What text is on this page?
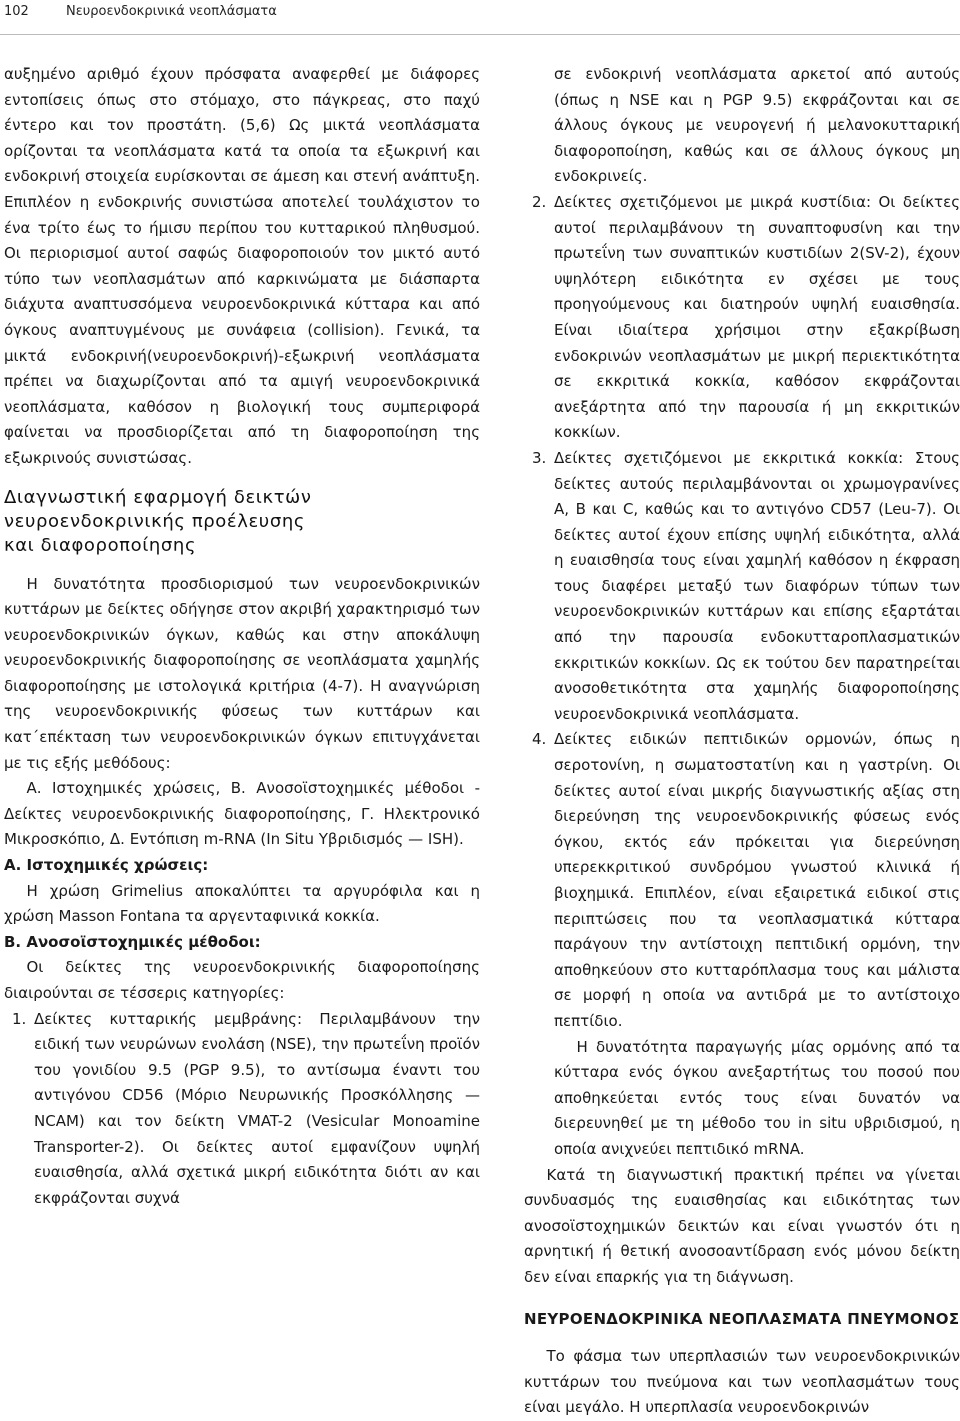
102	Νευροενδοκρινικά νεοπλάσματα

αυξημένο αριθμό έχουν πρόσφατα αναφερθεί με διάφορες εντοπίσεις όπως στο στόμαχο, στο πάγκρεας, στο παχύ έντερο και τον προστάτη. (5,6) Ως μικτά νεοπλάσματα ορίζονται τα νεοπλάσματα κατά τα οποία τα εξωκρινή και ενδοκρινή στοιχεία ευρίσκονται σε άμεση και στενή ανάπτυξη. Επιπλέον η ενδοκρινής συνιστώσα αποτελεί τουλάχιστον το ένα τρίτο έως το ήμισυ περίπου του κυτταρικού πληθυσμού. Οι περιορισμοί αυτοί σαφώς διαφοροποιούν τον μικτό αυτό τύπο των νεοπλασμάτων από καρκινώματα με διάσπαρτα διάχυτα αναπτυσσόμενα νευροενδοκρινικά κύτταρα και από όγκους αναπτυγμένους με συνάφεια (collision). Γενικά, τα μικτά ενδοκρινή(νευροενδοκρινή)-εξωκρινή νεοπλάσματα πρέπει να διαχωρίζονται από τα αμιγή νευροενδοκρινικά νεοπλάσματα, καθόσον η βιολογική τους συμπεριφορά φαίνεται να προσδιορίζεται από τη διαφοροποίηση της εξωκρινούς συνιστώσας.

Διαγνωστική εφαρμογή δεικτών
νευροενδοκρινικής προέλευσης
και διαφοροποίησης

Η δυνατότητα προσδιορισμού των νευροενδοκρινικών κυττάρων με δείκτες οδήγησε στον ακριβή χαρακτηρισμό των νευροενδοκρινικών όγκων, καθώς και στην αποκάλυψη νευροενδοκρινικής διαφοροποίησης σε νεοπλάσματα χαμηλής διαφοροποίησης με ιστολογικά κριτήρια (4-7). Η αναγνώριση της νευροενδοκρινικής φύσεως των κυττάρων και κατ΄επέκταση των νευροενδοκρινικών όγκων επιτυγχάνεται με τις εξής μεθόδους:

Α. Ιστοχημικές χρώσεις, Β. Ανοσοϊστοχημικές μέθοδοι - Δείκτες νευροενδοκρινικής διαφοροποίησης, Γ. Ηλεκτρονικό Μικροσκόπιο, Δ. Εντόπιση m-RNA (In Situ Υβριδισμός — ISH).

Α. Ιστοχημικές χρώσεις:

Η χρώση Grimelius αποκαλύπτει τα αργυρόφιλα και η χρώση Masson Fontana τα αργενταφινικά κοκκία.

Β. Ανοσοϊστοχημικές μέθοδοι:

Οι δείκτες της νευροενδοκρινικής διαφοροποίησης διαιρούνται σε τέσσερις κατηγορίες:

1. Δείκτες κυτταρικής μεμβράνης: Περιλαμβάνουν την ειδική των νευρώνων ενολάση (NSE), την πρωτεΐνη προϊόν του γονιδίου 9.5 (PGP 9.5), το αντίσωμα έναντι του αντιγόνου CD56 (Μόριο Νευρωνικής Προσκόλλησης —NCAM) και τον δείκτη VMAT-2 (Vesicular Monoamine Transporter-2). Οι δείκτες αυτοί εμφανίζουν υψηλή ευαισθησία, αλλά σχετικά μικρή ειδικότητα διότι αν και εκφράζονται συχνά
σε ενδοκρινή νεοπλάσματα αρκετοί από αυτούς (όπως η NSE και η PGP 9.5) εκφράζονται και σε άλλους όγκους με νευρογενή ή μελανοκυτταρική διαφοροποίηση, καθώς και σε άλλους όγκους μη ενδοκρινείς.
2. Δείκτες σχετιζόμενοι με μικρά κυστίδια: Οι δείκτες αυτοί περιλαμβάνουν τη συναπτοφυσίνη και την πρωτεΐνη των συναπτικών κυστιδίων 2(SV-2), έχουν υψηλότερη ειδικότητα εν σχέσει με τους προηγούμενους και διατηρούν υψηλή ευαισθησία. Είναι ιδιαίτερα χρήσιμοι στην εξακρίβωση ενδοκρινών νεοπλασμάτων με μικρή περιεκτικότητα σε εκκριτικά κοκκία, καθόσον εκφράζονται ανεξάρτητα από την παρουσία ή μη εκκριτικών κοκκίων.
3. Δείκτες σχετιζόμενοι με εκκριτικά κοκκία: Στους δείκτες αυτούς περιλαμβάνονται οι χρωμογρανίνες Α, Β και C, καθώς και το αντιγόνο CD57 (Leu-7). Οι δείκτες αυτοί έχουν επίσης υψηλή ειδικότητα, αλλά η ευαισθησία τους είναι χαμηλή καθόσον η έκφραση τους διαφέρει μεταξύ των διαφόρων τύπων των νευροενδοκρινικών κυττάρων και επίσης εξαρτάται από την παρουσία ενδοκυτταροπλασματικών εκκριτικών κοκκίων. Ως εκ τούτου δεν παρατηρείται ανοσοθετικότητα στα χαμηλής διαφοροποίησης νευροενδοκρινικά νεοπλάσματα.
4. Δείκτες ειδικών πεπτιδικών ορμονών, όπως η σεροτονίνη, η σωματοστατίνη και η γαστρίνη. Οι δείκτες αυτοί είναι μικρής διαγνωστικής αξίας στη διερεύνηση της νευροενδοκρινικής φύσεως ενός όγκου, εκτός εάν πρόκειται για διερεύνηση υπερεκκριτικού συνδρόμου γνωστού κλινικά ή βιοχημικά. Επιπλέον, είναι εξαιρετικά ειδικοί στις περιπτώσεις που τα νεοπλασματικά κύτταρα παράγουν την αντίστοιχη πεπτιδική ορμόνη, την αποθηκεύουν στο κυτταρόπλασμα τους και μάλιστα σε μορφή η οποία να αντιδρά με το αντίστοιχο πεπτίδιο.
Η δυνατότητα παραγωγής μίας ορμόνης από τα κύτταρα ενός όγκου ανεξαρτήτως του ποσού που αποθηκεύεται εντός τους είναι δυνατόν να διερευνηθεί με τη μέθοδο του in situ υβριδισμού, η οποία ανιχνεύει πεπτιδικό mRNA.

Κατά τη διαγνωστική πρακτική πρέπει να γίνεται συνδυασμός της ευαισθησίας και ειδικότητας των ανοσοϊστοχημικών δεικτών και είναι γνωστόν ότι η αρνητική ή θετική ανοσοαντίδραση ενός μόνου δείκτη δεν είναι επαρκής για τη διάγνωση.

ΝΕΥΡΟΕΝΔΟΚΡΙΝΙΚΑ ΝΕΟΠΛΑΣΜΑΤΑ ΠΝΕΥΜΟΝΟΣ

Το φάσμα των υπερπλασιών των νευροενδοκρινικών κυττάρων του πνεύμονα και των νεοπλασμάτων τους είναι μεγάλο. Η υπερπλασία νευροενδοκρινών
